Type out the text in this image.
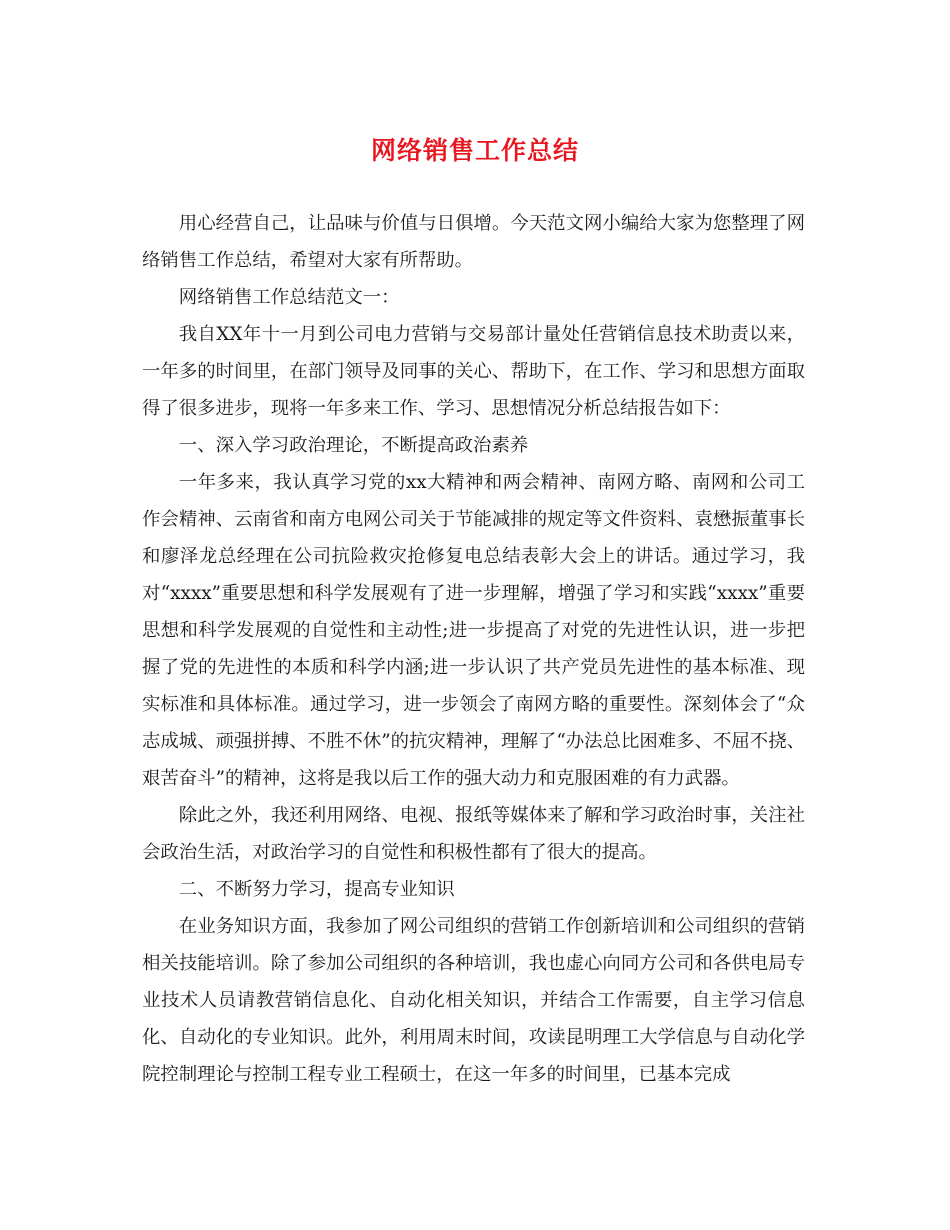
网络销售工作总结

用心经营自己，让品味与价值与日俱增。今天范文网小编给大家为您整理了网络销售工作总结，希望对大家有所帮助。

网络销售工作总结范文一：

我自XX年十一月到公司电力营销与交易部计量处任营销信息技术助责以来，一年多的时间里，在部门领导及同事的关心、帮助下，在工作、学习和思想方面取得了很多进步，现将一年多来工作、学习、思想情况分析总结报告如下：

一、深入学习政治理论，不断提高政治素养

一年多来，我认真学习党的xx大精神和两会精神、南网方略、南网和公司工作会精神、云南省和南方电网公司关于节能减排的规定等文件资料、袁懋振董事长和廖泽龙总经理在公司抗险救灾抢修复电总结表彰大会上的讲话。通过学习，我对“xxxx”重要思想和科学发展观有了进一步理解，增强了学习和实践“xxxx”重要思想和科学发展观的自觉性和主动性;进一步提高了对党的先进性认识，进一步把握了党的先进性的本质和科学内涵;进一步认识了共产党员先进性的基本标准、现实标准和具体标准。通过学习，进一步领会了南网方略的重要性。深刻体会了“众志成城、顽强拼搏、不胜不休”的抗灾精神，理解了“办法总比困难多、不屈不挠、艰苦奋斗”的精神，这将是我以后工作的强大动力和克服困难的有力武器。

除此之外，我还利用网络、电视、报纸等媒体来了解和学习政治时事，关注社会政治生活，对政治学习的自觉性和积极性都有了很大的提高。

二、不断努力学习，提高专业知识

在业务知识方面，我参加了网公司组织的营销工作创新培训和公司组织的营销相关技能培训。除了参加公司组织的各种培训，我也虚心向同方公司和各供电局专业技术人员请教营销信息化、自动化相关知识，并结合工作需要，自主学习信息化、自动化的专业知识。此外，利用周末时间，攻读昆明理工大学信息与自动化学院控制理论与控制工程专业工程硕士，在这一年多的时间里，已基本完成
